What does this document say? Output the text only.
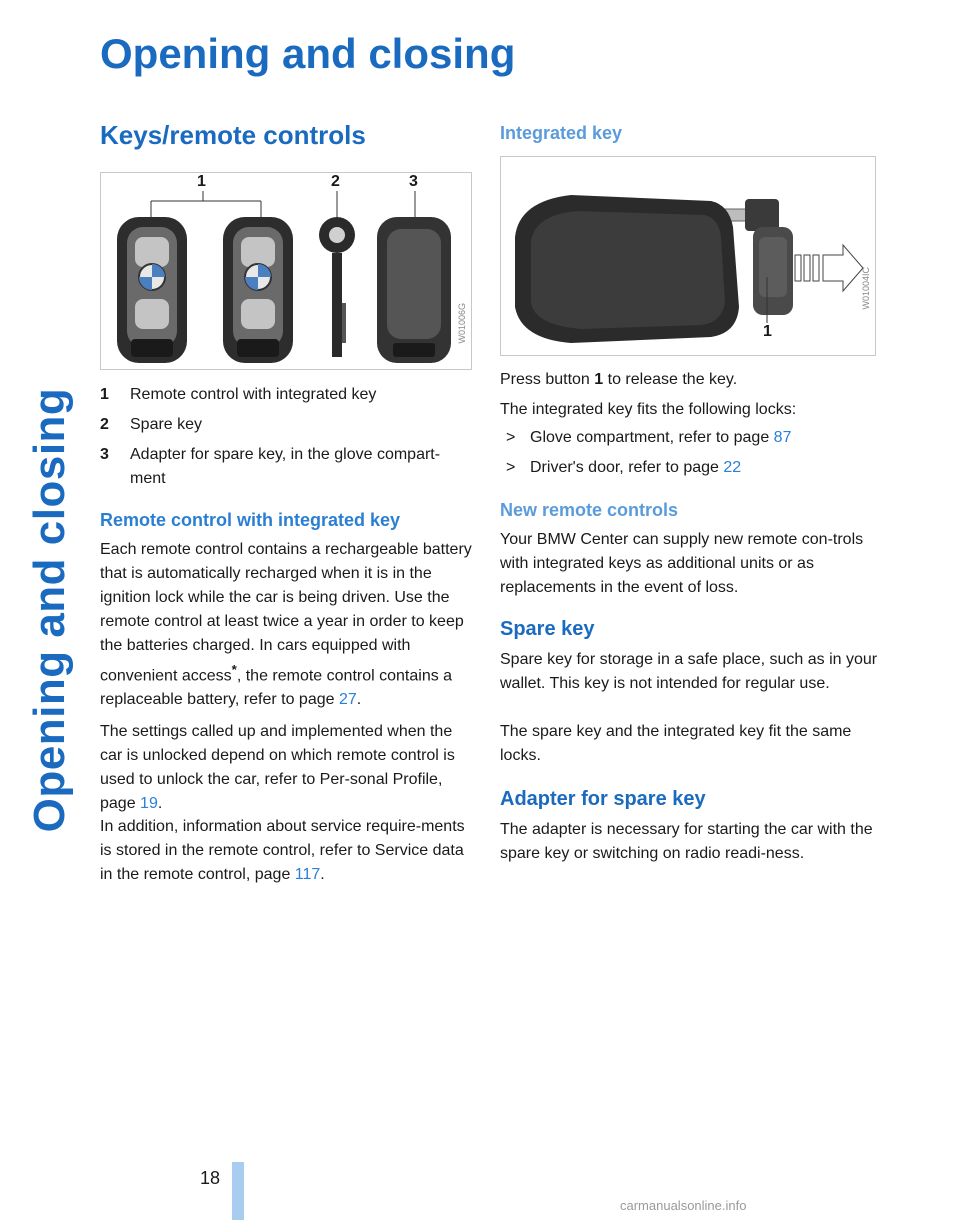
Opening and closing
Opening and closing
Keys/remote controls
1	2	3
W01006G
1 Remote control with integrated key
2 Spare key
3 Adapter for spare key, in the glove compart-ment
Remote control with integrated key

Each remote control contains a rechargeable battery that is automatically recharged when it is in the ignition lock while the car is being driven. Use the remote control at least twice a year in order to keep the batteries charged. In cars equipped with convenient access*, the remote control contains a replaceable battery, refer to page 27.

The settings called up and implemented when the car is unlocked depend on which remote control is used to unlock the car, refer to Per-sonal Profile, page 19.

In addition, information about service require-ments is stored in the remote control, refer to Service data in the remote control, page 117.

Integrated key
1
W01004IC

Press button 1 to release the key.

The integrated key fits the following locks:

> Glove compartment, refer to page 87
> Driver's door, refer to page 22
New remote controls

Your BMW Center can supply new remote con-trols with integrated keys as additional units or as replacements in the event of loss.

Spare key

Spare key for storage in a safe place, such as in your wallet. This key is not intended for regular use.

The spare key and the integrated key fit the same locks.

Adapter for spare key

The adapter is necessary for starting the car with the spare key or switching on radio readi-ness.

18
carmanualsonline.info
